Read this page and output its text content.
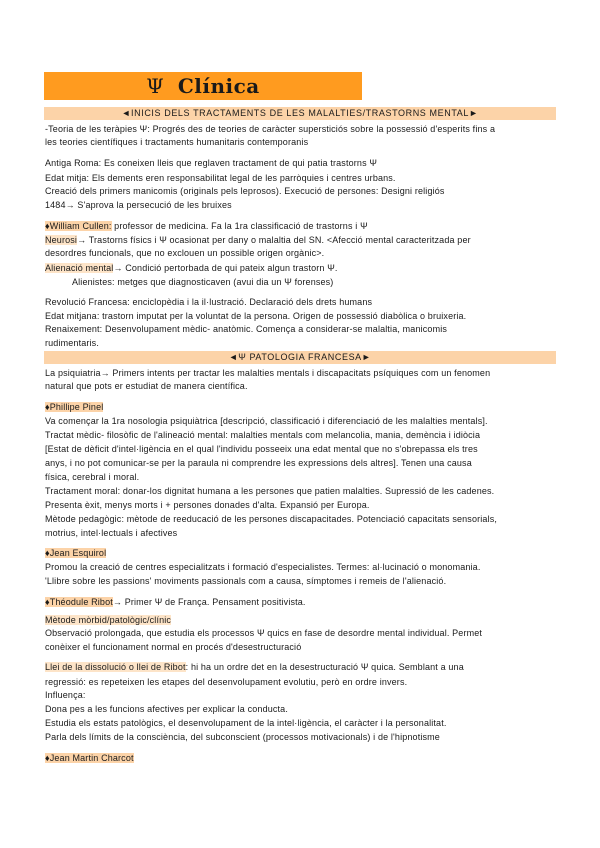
Ψ Clínica
◄INICIS DELS TRACTAMENTS DE LES MALALTIES/TRASTORNS MENTAL►
-Teoria de les teràpies Ψ: Progrés des de teories de caràcter supersticiós sobre la possessió d'esperits fins a
les teories científiques i tractaments humanitaris contemporanis
Antiga Roma: Es coneixen lleis que reglaven tractament de qui patia trastorns Ψ
Edat mitja: Els dements eren responsabilitat legal de les parròquies i centres urbans.
Creació dels primers manicomis (originals pels leprosos). Execució de persones: Designi religiós
1484→ S'aprova la persecució de les bruixes
♦William Cullen: professor de medicina. Fa la 1ra classificació de trastorns i Ψ
Neurosi→ Trastorns físics i Ψ ocasionat per dany o malaltia del SN. <Afecció mental caracteritzada per
desordres funcionals, que no exclouen un possible origen orgànic>.
Alienació mental→ Condició pertorbada de qui pateix algun trastorn Ψ.
Alienistes: metges que diagnosticaven (avui dia un Ψ forenses)
Revolució Francesa: enciclopèdia i la il·lustració. Declaració dels drets humans
Edat mitjana: trastorn imputat per la voluntat de la persona. Origen de possessió diabòlica o bruixeria.
Renaixement: Desenvolupament mèdic- anatòmic. Comença a considerar-se malaltia, manicomis
rudimentaris.
◄Ψ PATOLOGIA FRANCESA►
La psiquiatria→ Primers intents per tractar les malalties mentals i discapacitats psíquiques com un fenomen
natural que pots er estudiat de manera científica.
♦Phillipe Pinel
Va començar la 1ra nosologia psiquiàtrica [descripció, classificació i diferenciació de les malalties mentals].
Tractat mèdic- filosòfic de l'alineació mental: malalties mentals com melancolia, mania, demència i idiòcia
[Estat de dèficit d'intel·ligència en el qual l'individu posseeix una edat mental que no s'obrepassa els tres
anys, i no pot comunicar-se per la paraula ni comprendre les expressions dels altres]. Tenen una causa
física, cerebral i moral.
Tractament moral: donar-los dignitat humana a les persones que patien malalties. Supressió de les cadenes.
Presenta èxit, menys morts i + persones donades d'alta. Expansió per Europa.
Mètode pedagògic: mètode de reeducació de les persones discapacitades. Potenciació capacitats sensorials,
motrius, intel·lectuals i afectives
♦Jean Esquirol
Promou la creació de centres especialitzats i formació d'especialistes. Termes: al·lucinació o monomania.
'Llibre sobre les passions' moviments passionals com a causa, símptomes i remeis de l'alienació.
♦Théodule Ribot→ Primer Ψ de França. Pensament positivista.
Mètode mòrbid/patològic/clínic
Observació prolongada, que estudia els processos Ψ quics en fase de desordre mental individual. Permet
conèixer el funcionament normal en procés d'desestructuració
Llei de la dissolució o llei de Ribot: hi ha un ordre det en la desestructuració Ψ quica. Semblant a una
regressió: es repeteixen les etapes del desenvolupament evolutiu, però en ordre invers.
Influença:
Dona pes a les funcions afectives per explicar la conducta.
Estudia els estats patològics, el desenvolupament de la intel·ligència, el caràcter i la personalitat.
Parla dels límits de la consciència, del subconscient (processos motivacionals) i de l'hipnotisme
♦Jean Martin Charcot
